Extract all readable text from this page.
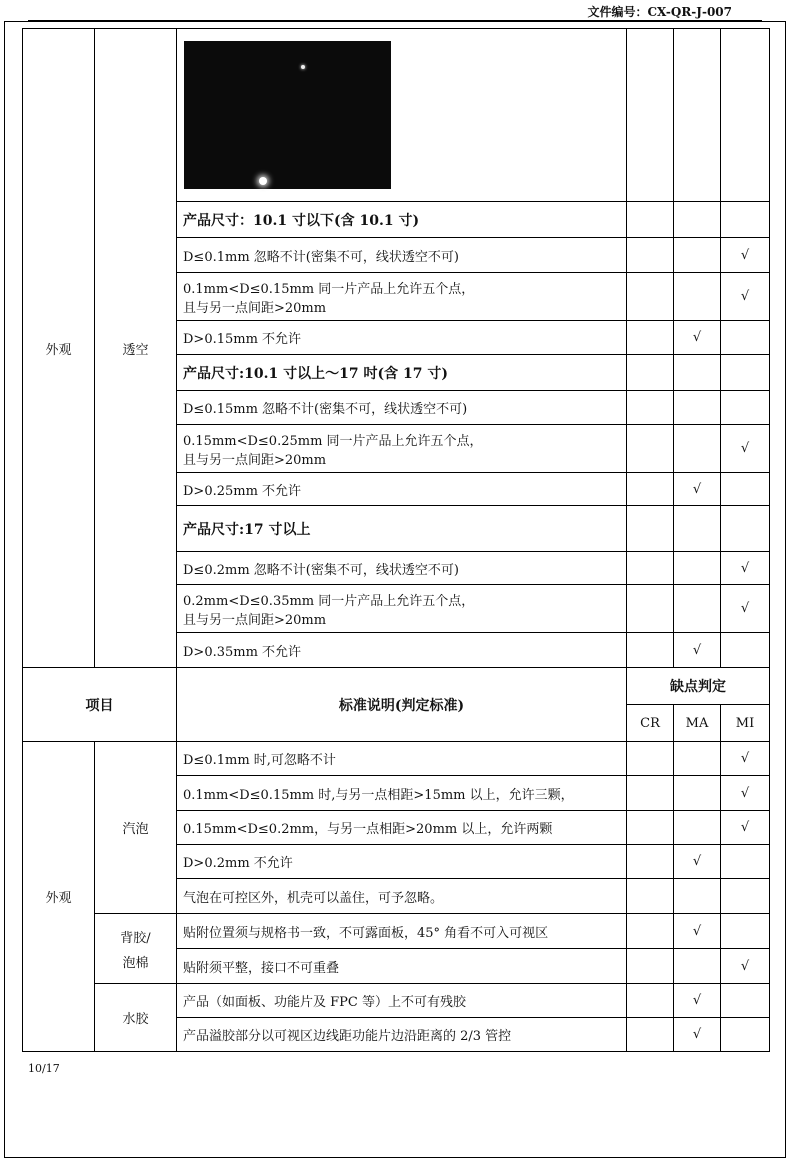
文件编号：CX-QR-J-007
外观	透空	

		产品尺寸：10.1 寸以下(含 10.1 寸)			
		D≤0.1mm 忽略不计(密集不可，线状透空不可)			√

		0.1mm<D≤0.15mm 同一片产品上允许五个点，
且与另一点间距>20mm			√
		D>0.15mm 不允许		√	
		产品尺寸:10.1 寸以上～17 吋(含 17 寸)			
		D≤0.15mm 忽略不计(密集不可，线状透空不可)			

		0.15mm<D≤0.25mm 同一片产品上允许五个点，
且与另一点间距>20mm			√
		D>0.25mm 不允许		√	
		产品尺寸:17 寸以上			
		D≤0.2mm 忽略不计(密集不可，线状透空不可)			√

		0.2mm<D≤0.35mm 同一片产品上允许五个点，
且与另一点间距>20mm			√
		D>0.35mm 不允许		√	
项目		标准说明(判定标准)	缺点判定		
			CR	MA	MI
外观	汽泡	D≤0.1mm 时,可忽略不计			√
		0.1mm<D≤0.15mm 时,与另一点相距>15mm 以上，允许三颗，			√
		0.15mm<D≤0.2mm，与另一点相距>20mm 以上，允许两颗			√
		D>0.2mm 不允许		√	
		气泡在可控区外，机壳可以盖住，可予忽略。			

	背胶/
泡棉	贴附位置须与规格书一致，不可露面板，45° 角看不可入可视区		√	
		贴附须平整，接口不可重叠			√
	水胶	产品（如面板、功能片及 FPC 等）上不可有残胶		√	
		产品溢胶部分以可视区边线距功能片边沿距离的 2/3 管控		√	
10/17
